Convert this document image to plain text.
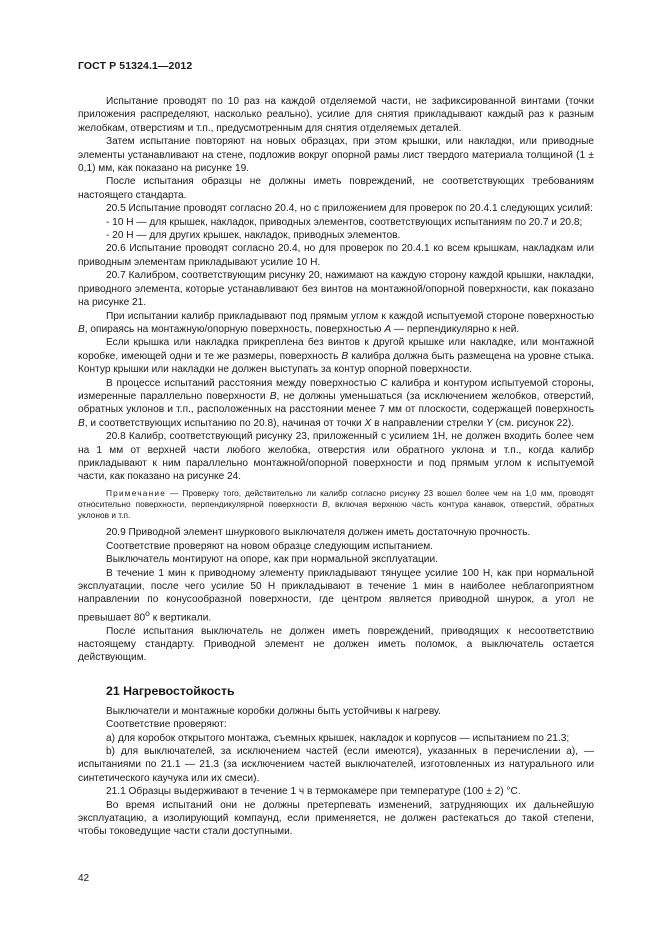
ГОСТ Р 51324.1—2012

Испытание проводят по 10 раз на каждой отделяемой части, не зафиксированной винтами (точки приложения распределяют, насколько реально), усилие для снятия прикладывают каждый раз к разным желобкам, отверстиям и т.п., предусмотренным для снятия отделяемых деталей.

Затем испытание повторяют на новых образцах, при этом крышки, или накладки, или приводные элементы устанавливают на стене, подложив вокруг опорной рамы лист твердого материала толщиной (1 ± 0,1) мм, как показано на рисунке 19.

После испытания образцы не должны иметь повреждений, не соответствующих требованиям настоящего стандарта.

20.5 Испытание проводят согласно 20.4, но с приложением для проверок по 20.4.1 следующих усилий:

- 10 Н — для крышек, накладок, приводных элементов, соответствующих испытаниям по 20.7 и 20.8;

- 20 Н — для других крышек, накладок, приводных элементов.

20.6 Испытание проводят согласно 20.4, но для проверок по 20.4.1 ко всем крышкам, накладкам или приводным элементам прикладывают усилие 10 Н.

20.7 Калибром, соответствующим рисунку 20, нажимают на каждую сторону каждой крышки, накладки, приводного элемента, которые устанавливают без винтов на монтажной/опорной поверхности, как показано на рисунке 21.

При испытании калибр прикладывают под прямым углом к каждой испытуемой стороне поверхностью B, опираясь на монтажную/опорную поверхность, поверхностью A — перпендикулярно к ней.

Если крышка или накладка прикреплена без винтов к другой крышке или накладке, или монтажной коробке, имеющей одни и те же размеры, поверхность B калибра должна быть размещена на уровне стыка. Контур крышки или накладки не должен выступать за контур опорной поверхности.

В процессе испытаний расстояния между поверхностью C калибра и контуром испытуемой стороны, измеренные параллельно поверхности B, не должны уменьшаться (за исключением желобков, отверстий, обратных уклонов и т.п., расположенных на расстоянии менее 7 мм от плоскости, содержащей поверхность B, и соответствующих испытанию по 20.8), начиная от точки X в направлении стрелки Y (см. рисунок 22).

20.8 Калибр, соответствующий рисунку 23, приложенный с усилием 1Н, не должен входить более чем на 1 мм от верхней части любого желобка, отверстия или обратного уклона и т.п., когда калибр прикладывают к ним параллельно монтажной/опорной поверхности и под прямым углом к испытуемой части, как показано на рисунке 24.

Примечание — Проверку того, действительно ли калибр согласно рисунку 23 вошел более чем на 1,0 мм, проводят относительно поверхности, перпендикулярной поверхности B, включая верхнюю часть контура канавок, отверстий, обратных уклонов и т.п.

20.9 Приводной элемент шнуркового выключателя должен иметь достаточную прочность.

Соответствие проверяют на новом образце следующим испытанием.

Выключатель монтируют на опоре, как при нормальной эксплуатации.

В течение 1 мин к приводному элементу прикладывают тянущее усилие 100 Н, как при нормальной эксплуатации, после чего усилие 50 Н прикладывают в течение 1 мин в наиболее неблагоприятном направлении по конусообразной поверхности, где центром является приводной шнурок, а угол не превышает $80^о$ к вертикали.

После испытания выключатель не должен иметь повреждений, приводящих к несоответствию настоящему стандарту. Приводной элемент не должен иметь поломок, а выключатель остается действующим.

21 Нагревостойкость

Выключатели и монтажные коробки должны быть устойчивы к нагреву.

Соответствие проверяют:

а) для коробок открытого монтажа, съемных крышек, накладок и корпусов — испытанием по 21.3;

b) для выключателей, за исключением частей (если имеются), указанных в перечислении а), — испытаниями по 21.1 — 21.3 (за исключением частей выключателей, изготовленных из натурального или синтетического каучука или их смеси).

21.1 Образцы выдерживают в течение 1 ч в термокамере при температуре (100 ± 2) °С.

Во время испытаний они не должны претерпевать изменений, затрудняющих их дальнейшую эксплуатацию, а изолирующий компаунд, если применяется, не должен растекаться до такой степени, чтобы токоведущие части стали доступными.

42
